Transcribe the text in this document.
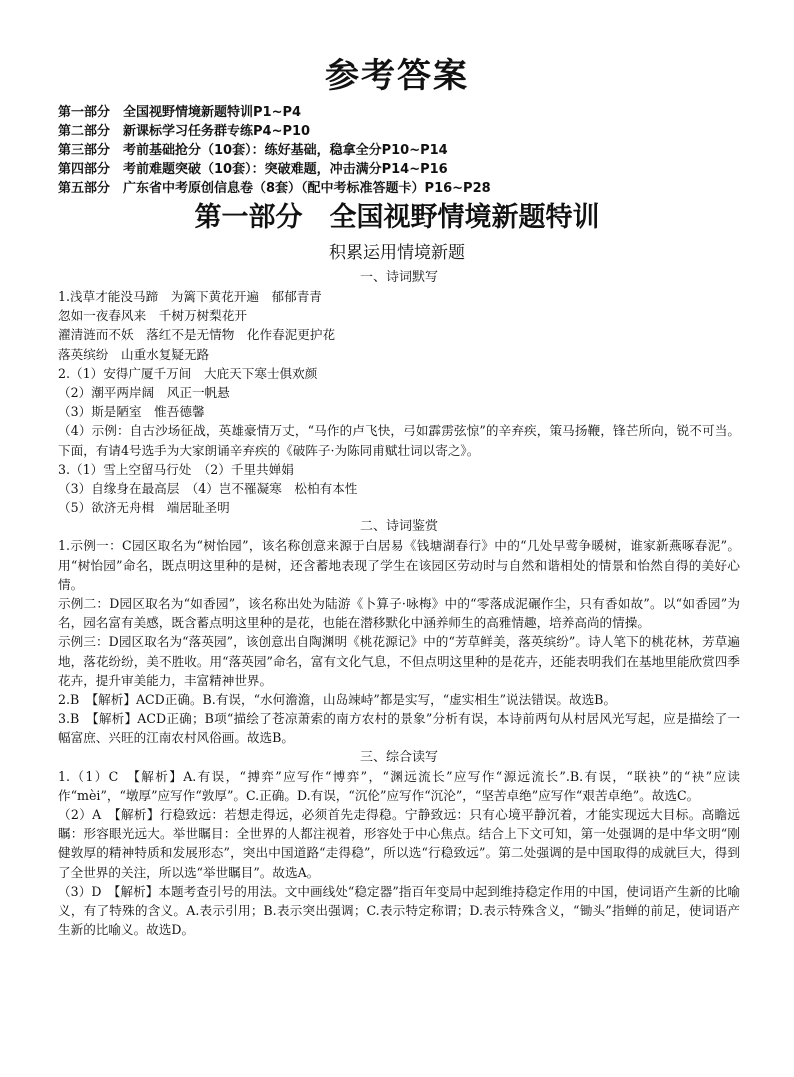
参考答案
第一部分　全国视野情境新题特训P1~P4
第二部分　新课标学习任务群专练P4~P10
第三部分　考前基础抢分（10套）：练好基础，稳拿全分P10~P14
第四部分　考前难题突破（10套）：突破难题，冲击满分P14~P16
第五部分　广东省中考原创信息卷（8套）（配中考标准答题卡）P16~P28
第一部分　全国视野情境新题特训
积累运用情境新题
一、诗词默写
1.浅草才能没马蹄　为篱下黄花开遍　郁郁青青
忽如一夜春风来　千树万树梨花开
濯清涟而不妖　落红不是无情物　化作春泥更护花
落英缤纷　山重水复疑无路
2.（1）安得广厦千万间　大庇天下寒士俱欢颜
（2）潮平两岸阔　风正一帆悬
（3）斯是陋室　惟吾德馨
（4）示例：自古沙场征战，英雄豪情万丈，“马作的卢飞快，弓如霹雳弦惊”的辛弃疾，策马扬鞭，锋芒所向，锐不可当。下面，有请4号选手为大家朗诵辛弃疾的《破阵子·为陈同甫赋壮词以寄之》。
3.（1）雪上空留马行处　（2）千里共婵娟
（3）自缘身在最高层　（4）岂不罹凝寒　松柏有本性
（5）欲济无舟楫　端居耻圣明
二、诗词鉴赏
1.示例一：C园区取名为“树怡园”，该名称创意来源于白居易《钱塘湖春行》中的“几处早莺争暖树，谁家新燕啄春泥”。用“树怡园”命名，既点明这里种的是树，还含蓄地表现了学生在该园区劳动时与自然和谐相处的情景和怡然自得的美好心情。
示例二：D园区取名为“如香园”，该名称出处为陆游《卜算子·咏梅》中的“零落成泥碾作尘，只有香如故”。以“如香园”为名，园名富有美感，既含蓄点明这里种的是花，也能在潜移默化中涵养师生的高雅情趣，培养高尚的情操。
示例三：D园区取名为“落英园”，该创意出自陶渊明《桃花源记》中的“芳草鲜美，落英缤纷”。诗人笔下的桃花林，芳草遍地，落花纷纷，美不胜收。用“落英园”命名，富有文化气息，不但点明这里种的是花卉，还能表明我们在基地里能欣赏四季花卉，提升审美能力，丰富精神世界。
2.B　【解析】ACD正确。B.有误，“水何澹澹，山岛竦峙”都是实写，“虚实相生”说法错误。故选B。
3.B　【解析】ACD正确；B项“描绘了苍凉萧索的南方农村的景象”分析有误，本诗前两句从村居风光写起，应是描绘了一幅富庶、兴旺的江南农村风俗画。故选B。
三、综合读写
1.（1）C　【解析】A.有误，“搏弈”应写作“博弈”，“渊远流长”应写作“源远流长”.B.有误，“联袂”的“袂”应读作“mèi”，“墩厚”应写作“敦厚”。C.正确。D.有误，“沉伦”应写作“沉沦”，“坚苦卓绝”应写作“艰苦卓绝”。故选C。
（2）A　【解析】行稳致远：若想走得远，必须首先走得稳。宁静致远：只有心境平静沉着，才能实现远大目标。高瞻远瞩：形容眼光远大。举世瞩目：全世界的人都注视着，形容处于中心焦点。结合上下文可知，第一处强调的是中华文明“刚健敦厚的精神特质和发展形态”，突出中国道路“走得稳”，所以选“行稳致远”。第二处强调的是中国取得的成就巨大，得到了全世界的关注，所以选“举世瞩目”。故选A。
（3）D　【解析】本题考查引号的用法。文中画线处“稳定器”指百年变局中起到维持稳定作用的中国，使词语产生新的比喻义，有了特殊的含义。A.表示引用；B.表示突出强调；C.表示特定称谓；D.表示特殊含义，“锄头”指蝉的前足，使词语产生新的比喻义。故选D。
